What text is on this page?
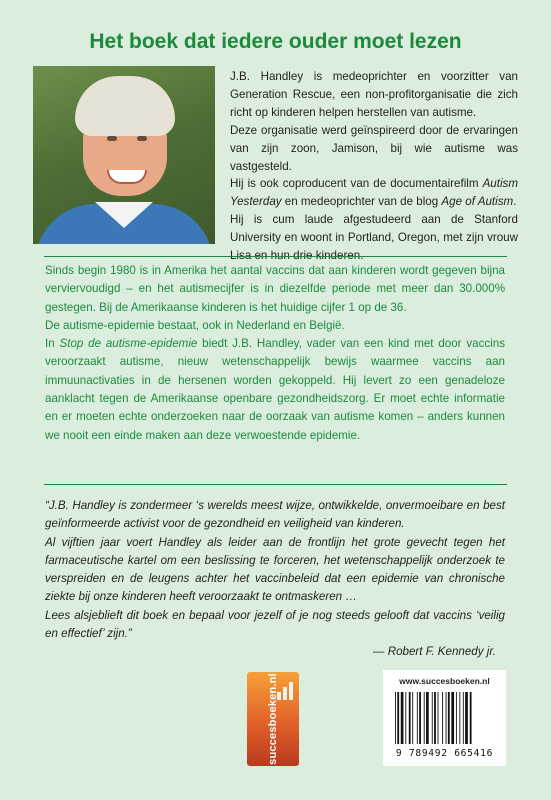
Het boek dat iedere ouder moet lezen

J.B. Handley is medeoprichter en voorzitter van Generation Rescue, een non-profitorganisatie die zich richt op kinderen helpen herstellen van autisme.

Deze organisatie werd geïnspireerd door de ervaringen van zijn zoon, Jamison, bij wie autisme was vastgesteld.

Hij is ook coproducent van de documentairefilm Autism Yesterday en medeoprichter van de blog Age of Autism.

Hij is cum laude afgestudeerd aan de Stanford University en woont in Portland, Oregon, met zijn vrouw Lisa en hun drie kinderen.

Sinds begin 1980 is in Amerika het aantal vaccins dat aan kinderen wordt gegeven bijna verviervoudigd – en het autismecijfer is in diezelfde periode met meer dan 30.000% gestegen. Bij de Amerikaanse kinderen is het huidige cijfer 1 op de 36.

De autisme-epidemie bestaat, ook in Nederland en België.

In Stop de autisme-epidemie biedt J.B. Handley, vader van een kind met door vaccins veroorzaakt autisme, nieuw wetenschappelijk bewijs waarmee vaccins aan immuunactivaties in de hersenen worden gekoppeld. Hij levert zo een genadeloze aanklacht tegen de Amerikaanse openbare gezondheidszorg. Er moet echte informatie en er moeten echte onderzoeken naar de oorzaak van autisme komen – anders kunnen we nooit een einde maken aan deze verwoestende epidemie.

“J.B. Handley is zondermeer ‘s werelds meest wijze, ontwikkelde, onvermoeibare en best geïnformeerde activist voor de gezondheid en veiligheid van kinderen.

Al vijftien jaar voert Handley als leider aan de frontlijn het grote gevecht tegen het farmaceutische kartel om een beslissing te forceren, het wetenschappelijk onderzoek te verspreiden en de leugens achter het vaccinbeleid dat een epidemie van chronische ziekte bij onze kinderen heeft veroorzaakt te ontmaskeren …

Lees alsjeblieft dit boek en bepaal voor jezelf of je nog steeds gelooft dat vaccins ‘veilig en effectief’ zijn.”

— Robert F. Kennedy jr.
succesboeken.nl	www.succesboeken.nl
9 789492 665416
